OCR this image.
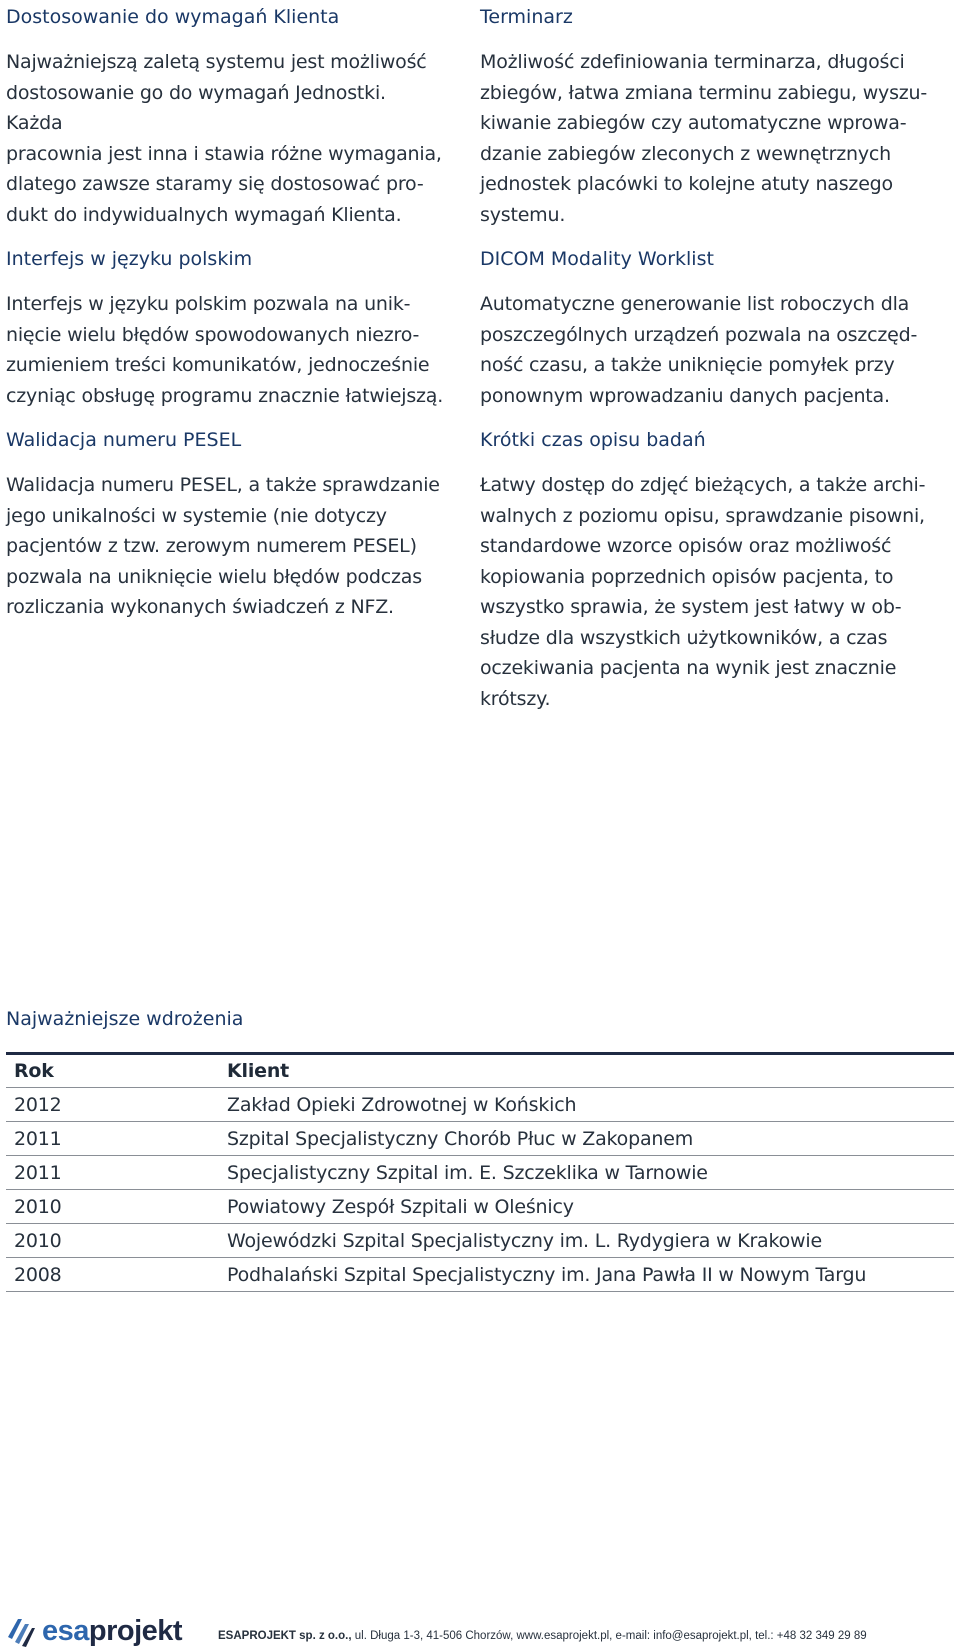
Dostosowanie do wymagań Klienta

Najważniejszą zaletą systemu jest możliwość
dostosowanie go do wymagań Jednostki. Każda
pracownia jest inna i stawia różne wymagania,
dlatego zawsze staramy się dostosować pro-
dukt do indywidualnych wymagań Klienta.

Interfejs w języku polskim

Interfejs w języku polskim pozwala na unik-
nięcie wielu błędów spowodowanych niezro-
zumieniem treści komunikatów, jednocześnie
czyniąc obsługę programu znacznie łatwiejszą.

Walidacja numeru PESEL

Walidacja numeru PESEL, a także sprawdzanie
jego unikalności w systemie (nie dotyczy
pacjentów z tzw. zerowym numerem PESEL)
pozwala na uniknięcie wielu błędów podczas
rozliczania wykonanych świadczeń z NFZ.

Terminarz

Możliwość zdefiniowania terminarza, długości
zbiegów, łatwa zmiana terminu zabiegu, wyszu-
kiwanie zabiegów czy automatyczne wprowa-
dzanie zabiegów zleconych z wewnętrznych
jednostek placówki to kolejne atuty naszego
systemu.

DICOM Modality Worklist

Automatyczne generowanie list roboczych dla
poszczególnych urządzeń pozwala na oszczęd-
ność czasu, a także uniknięcie pomyłek przy
ponownym wprowadzaniu danych pacjenta.

Krótki czas opisu badań

Łatwy dostęp do zdjęć bieżących, a także archi-
walnych z poziomu opisu, sprawdzanie pisowni,
standardowe wzorce opisów oraz możliwość
kopiowania poprzednich opisów pacjenta, to
wszystko sprawia, że system jest łatwy w ob-
słudze dla wszystkich użytkowników, a czas
oczekiwania pacjenta na wynik jest znacznie
krótszy.

Najważniejsze wdrożenia
Rok	Klient
2012	Zakład Opieki Zdrowotnej w Końskich
2011	Szpital Specjalistyczny Chorób Płuc w Zakopanem
2011	Specjalistyczny Szpital im. E. Szczeklika w Tarnowie
2010	Powiatowy Zespół Szpitali w Oleśnicy
2010	Wojewódzki Szpital Specjalistyczny im. L. Rydygiera w Krakowie
2008	Podhalański Szpital Specjalistyczny im. Jana Pawła II w Nowym Targu
esaprojekt	ESAPROJEKT sp. z o.o., ul. Długa 1-3, 41-506 Chorzów, www.esaprojekt.pl, e-mail: info@esaprojekt.pl, tel.: +48 32 349 29 89
